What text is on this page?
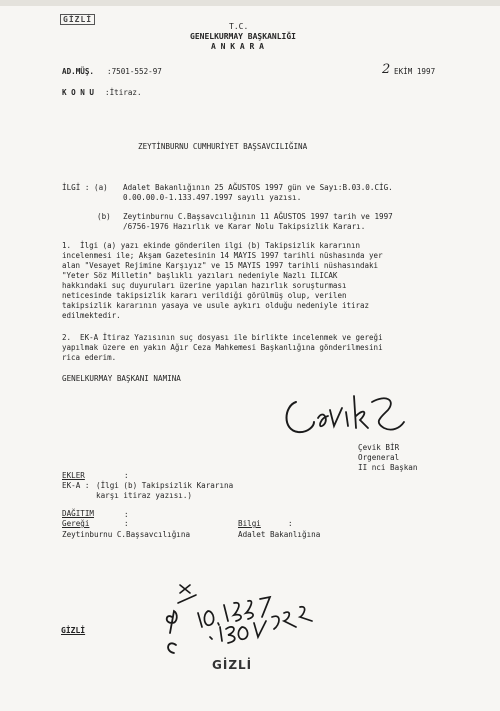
GİZLİ
T.C.
GENELKURMAY BAŞKANLIĞI
A N K A R A
AD.MÜŞ. :7501-552-97	2 EKİM 1997
K O N U :İtiraz.
ZEYTİNBURNU CUMHURİYET BAŞSAVCILIĞINA
İLGİ : (a) Adalet Bakanlığının 25 AĞUSTOS 1997 gün ve Sayı:B.03.0.CİG.
0.00.00.0-1.133.497.1997 sayılı yazısı.
(b) Zeytinburnu C.Başsavcılığının 11 AĞUSTOS 1997 tarih ve 1997
/6756-1976 Hazırlık ve Karar Nolu Takipsizlik Kararı.
1.  İlgi (a) yazı ekinde gönderilen ilgi (b) Takipsizlik kararının
incelenmesi ile; Akşam Gazetesinin 14 MAYIS 1997 tarihli nüshasında yer
alan "Vesayet Rejimine Karşıyız" ve 15 MAYIS 1997 tarihli nüshasındaki
"Yeter Söz Milletin" başlıklı yazıları nedeniyle Nazlı ILICAK
hakkındaki suç duyuruları üzerine yapılan hazırlık soruşturması
neticesinde takipsizlik kararı verildiği görülmüş olup, verilen
takipsizlik kararının yasaya ve usule aykırı olduğu nedeniyle itiraz
edilmektedir.
2.  EK-A İtiraz Yazısının suç dosyası ile birlikte incelenmek ve gereği
yapılmak üzere en yakın Ağır Ceza Mahkemesi Başkanlığına gönderilmesini
rica ederim.
GENELKURMAY BAŞKANI NAMINA
Çevik BİR
Orgeneral
II nci Başkan
EKLER	:
EK-A : (İlgi (b) Takipsizlik Kararına
karşı itiraz yazısı.)
DAĞITIM	:
Gereği	:
Zeytinburnu C.Başsavcılığına
Bilgi	:
Adalet Bakanlığına
GİZLİ
GİZLİ
